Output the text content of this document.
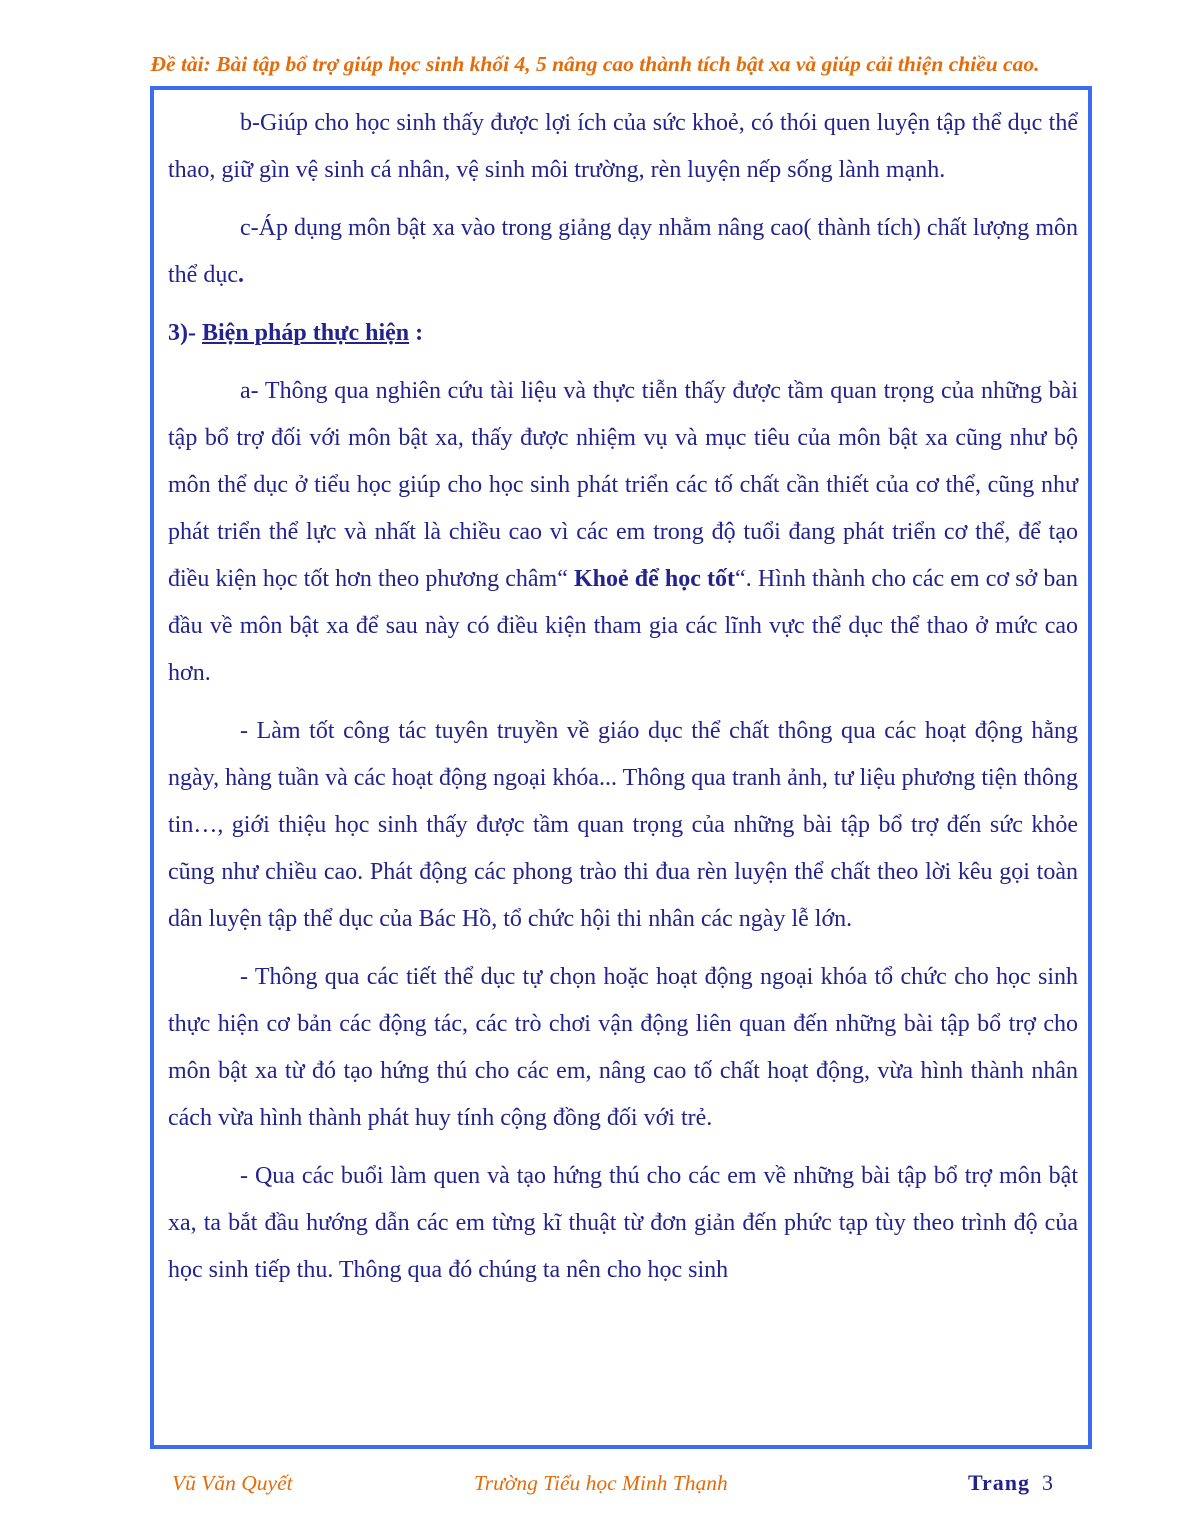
Đề tài: Bài tập bổ trợ giúp học sinh khối 4, 5 nâng cao thành tích bật xa và giúp cải thiện chiều cao.

b-Giúp cho học sinh thấy được lợi ích của sức khoẻ, có thói quen luyện tập thể dục thể thao, giữ gìn vệ sinh cá nhân, vệ sinh môi trường, rèn luyện nếp sống lành mạnh.

c-Áp dụng môn bật xa vào trong giảng dạy nhằm nâng cao( thành tích) chất lượng môn thể dục.

3)- Biện pháp thực hiện :

a- Thông qua nghiên cứu tài liệu và thực tiễn thấy được tầm quan trọng của những bài tập bổ trợ đối với môn bật xa, thấy được nhiệm vụ và mục tiêu của môn bật xa cũng như bộ môn thể dục ở tiểu học giúp cho học sinh phát triển các tố chất cần thiết của cơ thể, cũng như phát triển thể lực và nhất là chiều cao vì các em trong độ tuổi đang phát triển cơ thể, để tạo điều kiện học tốt hơn theo phương châm“ Khoẻ để học tốt“. Hình thành cho các em cơ sở ban đầu về môn bật xa để sau này có điều kiện tham gia các lĩnh vực thể dục thể thao ở mức cao hơn.

- Làm tốt công tác tuyên truyền về giáo dục thể chất thông qua các hoạt động hằng ngày, hàng tuần và các hoạt động ngoại khóa... Thông qua tranh ảnh, tư liệu phương tiện thông tin…, giới thiệu học sinh thấy được tầm quan trọng của những bài tập bổ trợ đến sức khỏe cũng như chiều cao. Phát động các phong trào thi đua rèn luyện thể chất theo lời kêu gọi toàn dân luyện tập thể dục của Bác Hồ, tổ chức hội thi nhân các ngày lễ lớn.

- Thông qua các tiết thể dục tự chọn hoặc hoạt động ngoại khóa tổ chức cho học sinh thực hiện cơ bản các động tác, các trò chơi vận động liên quan đến những bài tập bổ trợ cho môn bật xa từ đó tạo hứng thú cho các em, nâng cao tố chất hoạt động, vừa hình thành nhân cách vừa hình thành phát huy tính cộng đồng đối với trẻ.

- Qua các buổi làm quen và tạo hứng thú cho các em về những bài tập bổ trợ môn bật xa, ta bắt đầu hướng dẫn các em từng kĩ thuật từ đơn giản đến phức tạp tùy theo trình độ của học sinh tiếp thu. Thông qua đó chúng ta nên cho học sinh

Vũ Văn Quyết	Trường Tiểu học Minh Thạnh	Trang 3
